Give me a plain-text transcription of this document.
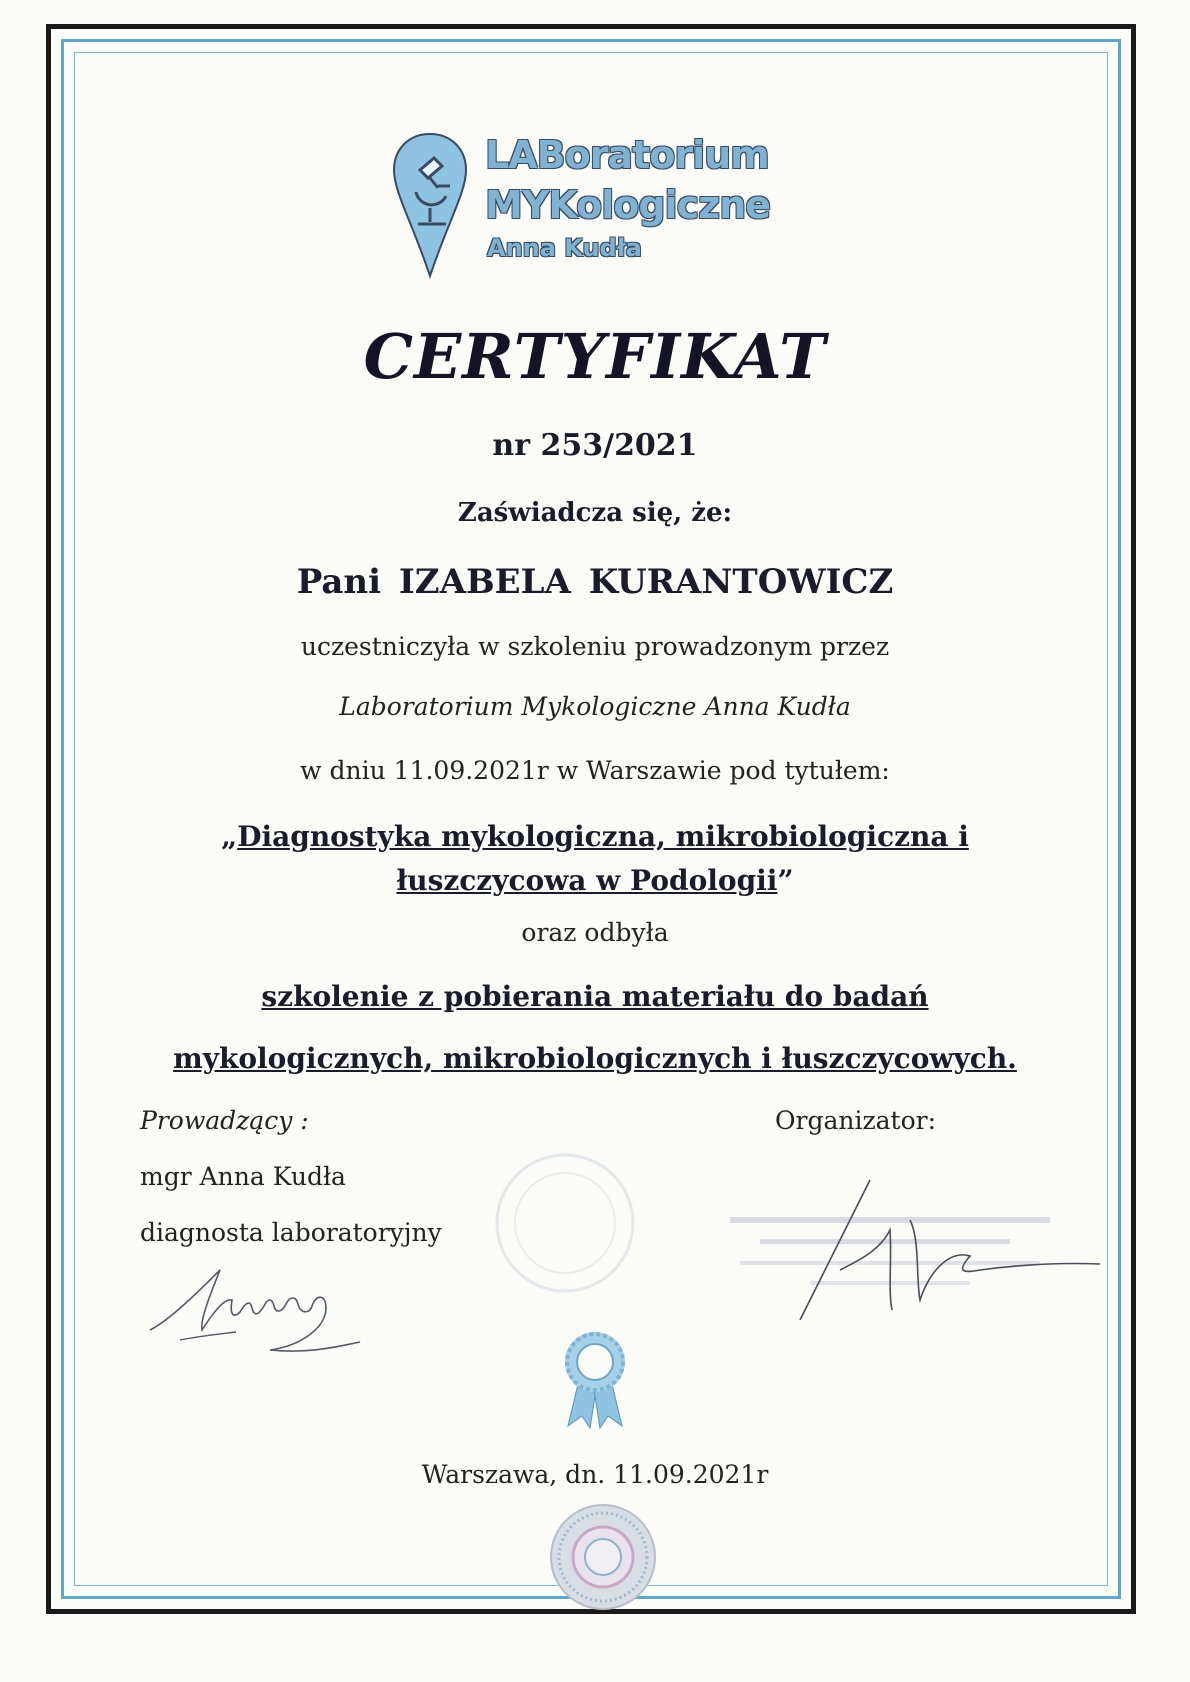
LABoratorium
MYKologiczne
Anna Kudła
CERTYFIKAT
nr 253/2021
Zaświadcza się, że:
Pani IZABELA KURANTOWICZ
uczestniczyła w szkoleniu prowadzonym przez
Laboratorium Mykologiczne Anna Kudła
w dniu 11.09.2021r w Warszawie pod tytułem:
„Diagnostyka mykologiczna, mikrobiologiczna i
łuszczycowa w Podologii”
oraz odbyła
szkolenie z pobierania materiału do badań
mykologicznych, mikrobiologicznych i łuszczycowych.
Prowadzący :
mgr Anna Kudła
diagnosta laboratoryjny
Organizator:
Warszawa, dn. 11.09.2021r
